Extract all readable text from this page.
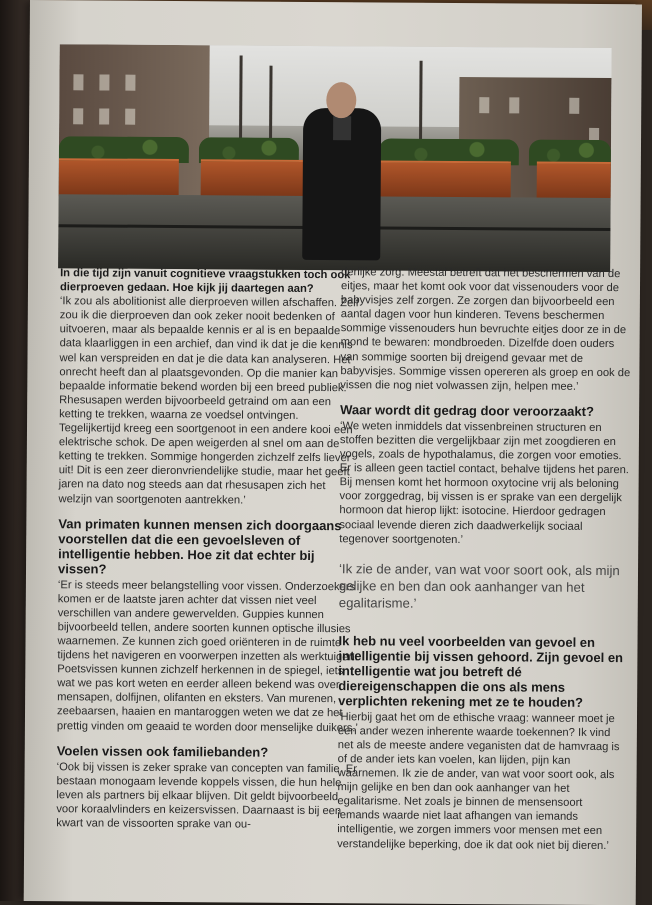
In die tijd zijn vanuit cognitieve vraagstukken toch ook dierproeven gedaan. Hoe kijk jij daartegen aan?

‘Ik zou als abolitionist alle dierproeven willen afschaffen. Zelf zou ik die dierproeven dan ook zeker nooit bedenken of uitvoeren, maar als bepaalde kennis er al is en bepaalde data klaarliggen in een archief, dan vind ik dat je die kennis wel kan verspreiden en dat je die data kan analyseren. Het onrecht heeft dan al plaatsgevonden. Op die manier kan bepaalde informatie bekend worden bij een breed publiek. Rhesusapen werden bijvoorbeeld getraind om aan een ketting te trekken, waarna ze voedsel ontvingen. Tegelijkertijd kreeg een soortgenoot in een andere kooi een elektrische schok. De apen weigerden al snel om aan de ketting te trekken. Sommige hongerden zichzelf zelfs liever uit! Dit is een zeer dieronvriendelijke studie, maar het geeft jaren na dato nog steeds aan dat rhesusapen zich het welzijn van soortgenoten aantrekken.’

Van primaten kunnen mensen zich doorgaans voorstellen dat die een gevoelsleven of intelligentie hebben. Hoe zit dat echter bij vissen?

‘Er is steeds meer belangstelling voor vissen. Onderzoekers komen er de laatste jaren achter dat vissen niet veel verschillen van andere gewervelden. Guppies kunnen bijvoorbeeld tellen, andere soorten kunnen optische illusies waarnemen. Ze kunnen zich goed oriënteren in de ruimte tijdens het navigeren en voorwerpen inzetten als werktuigen. Poetsvissen kunnen zichzelf herkennen in de spiegel, iets wat we pas kort weten en eerder alleen bekend was over mensapen, dolfijnen, olifanten en eksters. Van murenen, zeebaarsen, haaien en mantaroggen weten we dat ze het prettig vinden om geaaid te worden door menselijke duikers.’

Voelen vissen ook familiebanden?

‘Ook bij vissen is zeker sprake van concepten van familie. Er bestaan monogaam levende koppels vissen, die hun hele leven als partners bij elkaar blijven. Dit geldt bijvoorbeeld voor koraalvlinders en keizersvissen. Daarnaast is bij een kwart van de vissoorten sprake van ou-

derlijke zorg. Meestal betreft dat het beschermen van de eitjes, maar het komt ook voor dat vissenouders voor de babyvisjes zelf zorgen. Ze zorgen dan bijvoorbeeld een aantal dagen voor hun kinderen. Tevens beschermen sommige vissenouders hun bevruchte eitjes door ze in de mond te bewaren: mondbroeden. Dizelfde doen ouders van sommige soorten bij dreigend gevaar met de babyvisjes. Sommige vissen opereren als groep en ook de vissen die nog niet volwassen zijn, helpen mee.’

Waar wordt dit gedrag door veroorzaakt?

‘We weten inmiddels dat vissenbreinen structuren en stoffen bezitten die vergelijkbaar zijn met zoogdieren en vogels, zoals de hypothalamus, die zorgen voor emoties. Er is alleen geen tactiel contact, behalve tijdens het paren. Bij mensen komt het hormoon oxytocine vrij als beloning voor zorggedrag, bij vissen is er sprake van een dergelijk hormoon dat hierop lijkt: isotocine. Hierdoor gedragen sociaal levende dieren zich daadwerkelijk sociaal tegenover soortgenoten.’

‘Ik zie de ander, van wat voor soort ook, als mijn gelijke en ben dan ook aanhanger van het egalitarisme.’

Ik heb nu veel voorbeelden van gevoel en intelligentie bij vissen gehoord. Zijn gevoel en intelligentie wat jou betreft dé diereigenschappen die ons als mens verplichten rekening met ze te houden?

‘Hierbij gaat het om de ethische vraag: wanneer moet je een ander wezen inherente waarde toekennen? Ik vind net als de meeste andere veganisten dat de hamvraag is of de ander iets kan voelen, kan lijden, pijn kan waarnemen. Ik zie de ander, van wat voor soort ook, als mijn gelijke en ben dan ook aanhanger van het egalitarisme. Net zoals je binnen de mensensoort iemands waarde niet laat afhangen van iemands intelligentie, we zorgen immers voor mensen met een verstandelijke beperking, doe ik dat ook niet bij dieren.’
